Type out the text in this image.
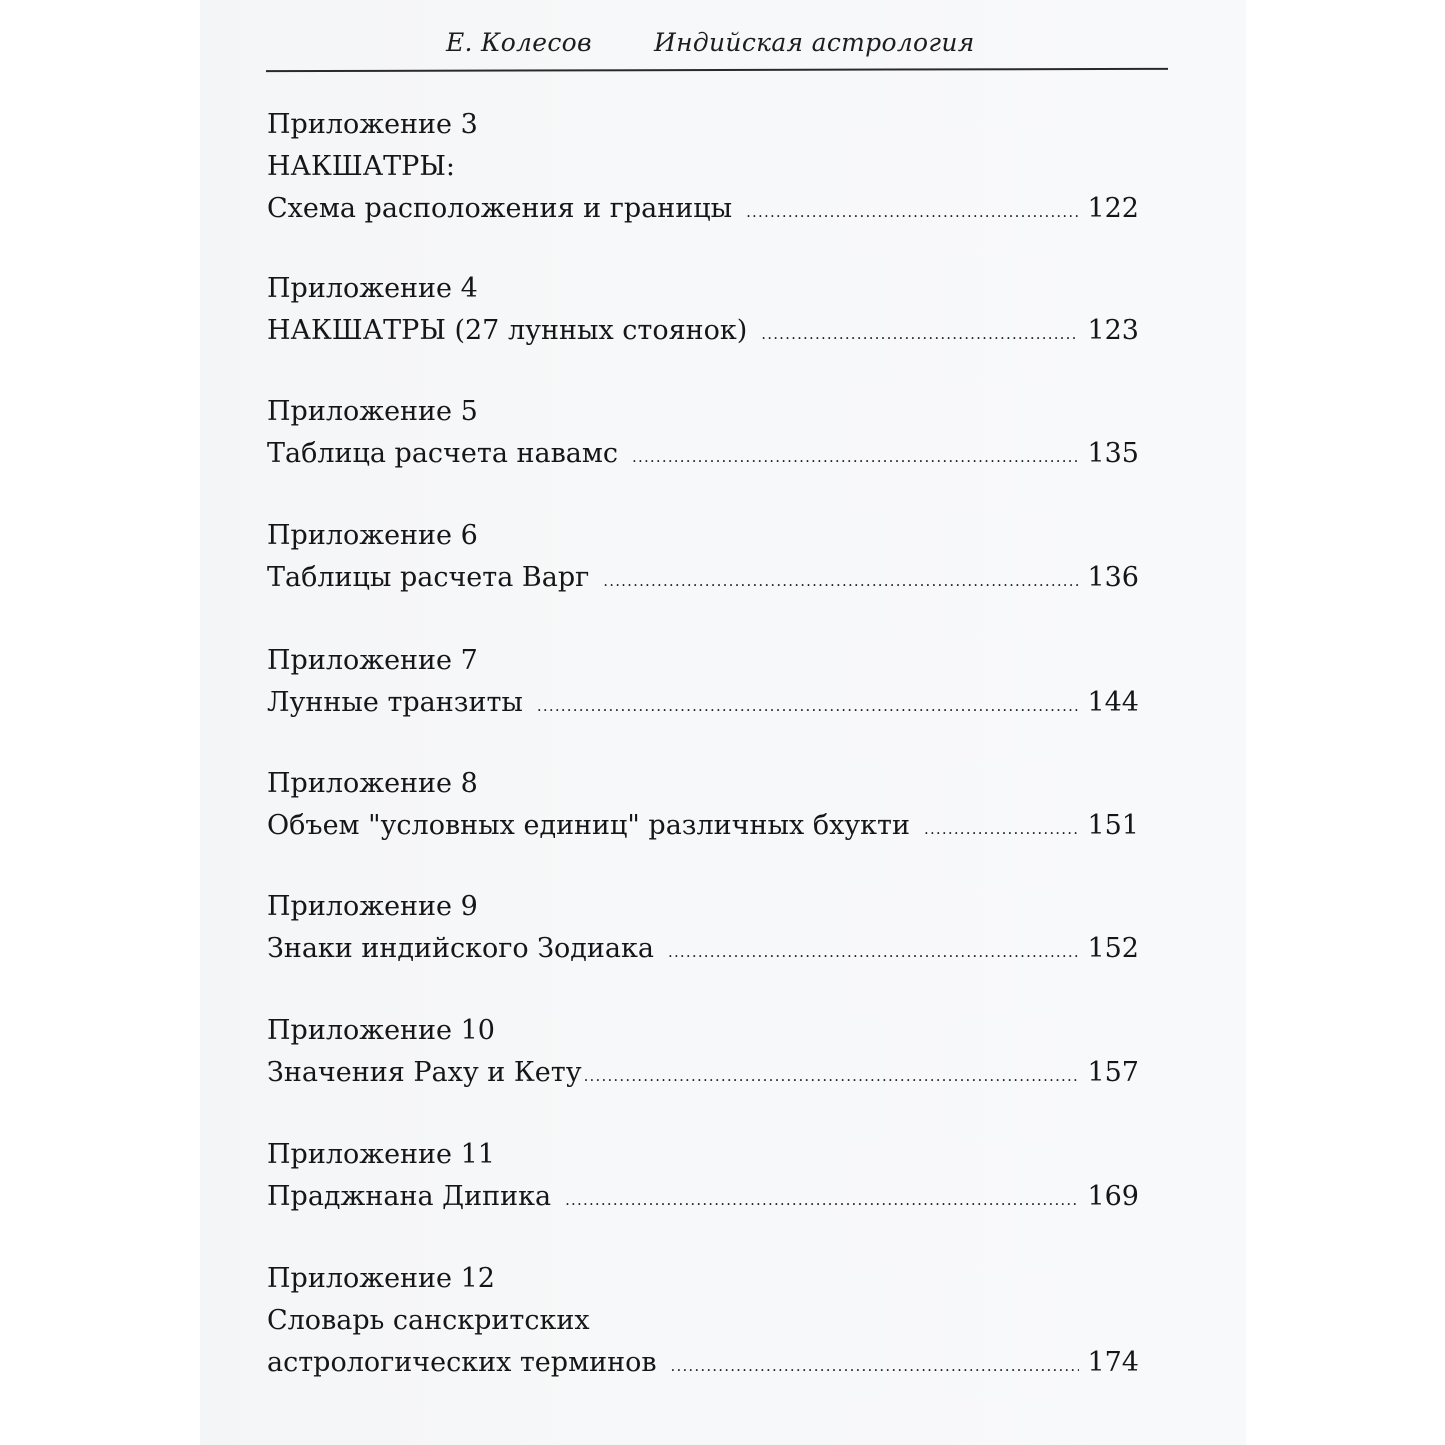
Е. Колесов Индийская астрология
Приложение 3
НАКШАТРЫ:
Схема расположения и границы .....	122
Приложение 4
НАКШАТРЫ (27 лунных стоянок) .....	123
Приложение 5
Таблица расчета навамс .....	135
Приложение 6
Таблицы расчета Варг .....	136
Приложение 7
Лунные транзиты .....	144
Приложение 8
Объем "условных единиц" различных бхукти .....	151
Приложение 9
Знаки индийского Зодиака .....	152
Приложение 10
Значения Раху и Кету .....	157
Приложение 11
Праджнана Дипика .....	169
Приложение 12
Словарь санскритских
астрологических терминов .....	174
